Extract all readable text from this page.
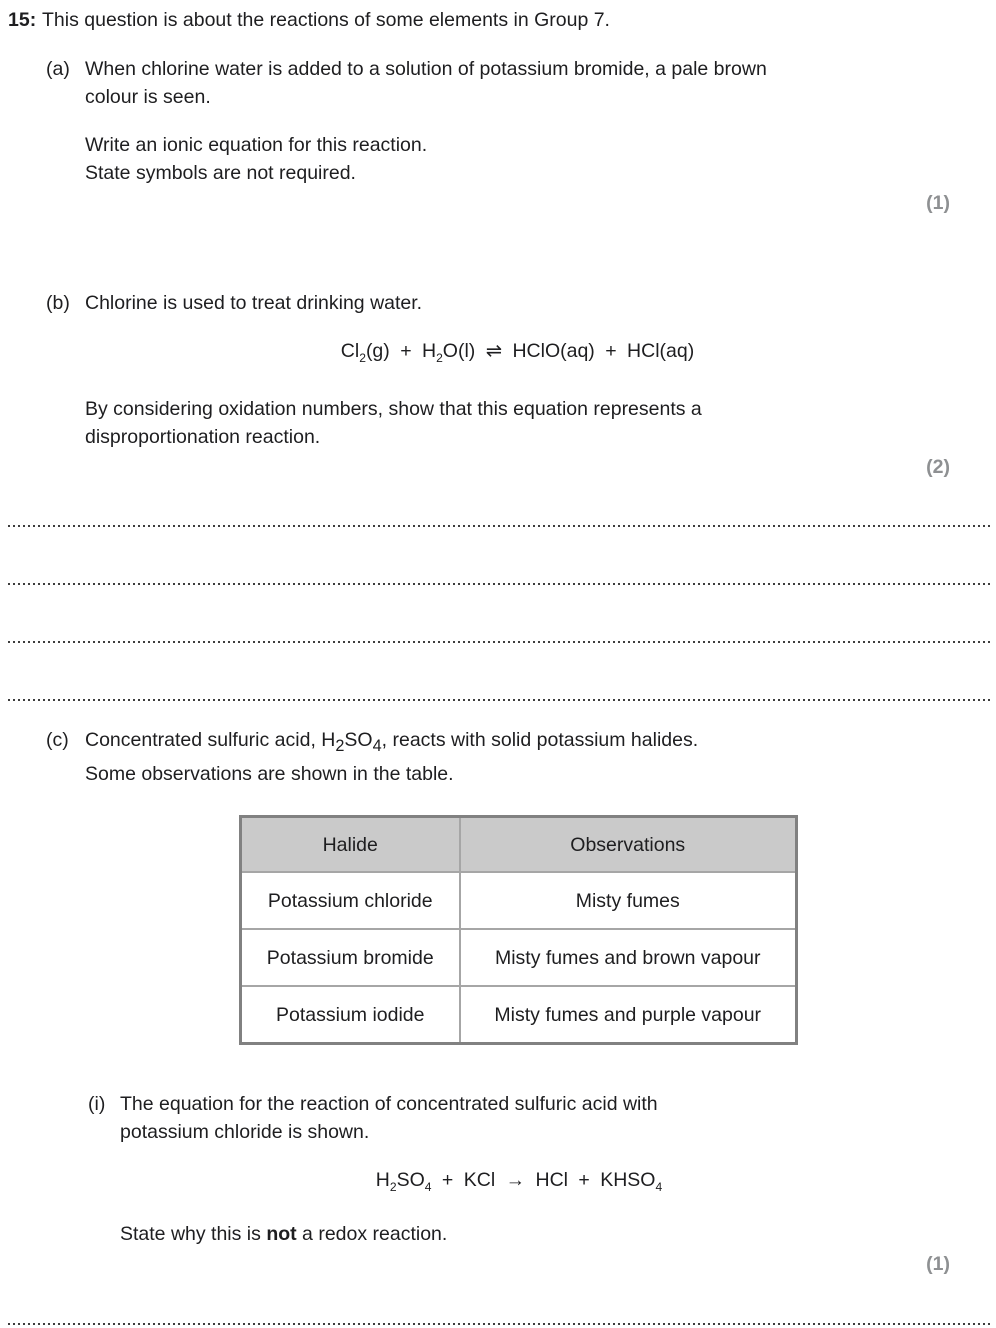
15: This question is about the reactions of some elements in Group 7.
(a) When chlorine water is added to a solution of potassium bromide, a pale brown
colour is seen.
Write an ionic equation for this reaction.
State symbols are not required.
(1)
(b) Chlorine is used to treat drinking water.
$Cl_2(g) + H_2O(l)$ ⇌ HClO(aq) + HCl(aq)
By considering oxidation numbers, show that this equation represents a
disproportionation reaction.
(2)
(c) Concentrated sulfuric acid, $H_2SO_4$, reacts with solid potassium halides.
Some observations are shown in the table.
Halide	Observations
Potassium chloride	Misty fumes
Potassium bromide	Misty fumes and brown vapour
Potassium iodide	Misty fumes and purple vapour
(i) The equation for the reaction of concentrated sulfuric acid with
potassium chloride is shown.
$H_2SO_4$ + KCl → HCl + $KHSO_4$
State why this is not a redox reaction.
(1)
